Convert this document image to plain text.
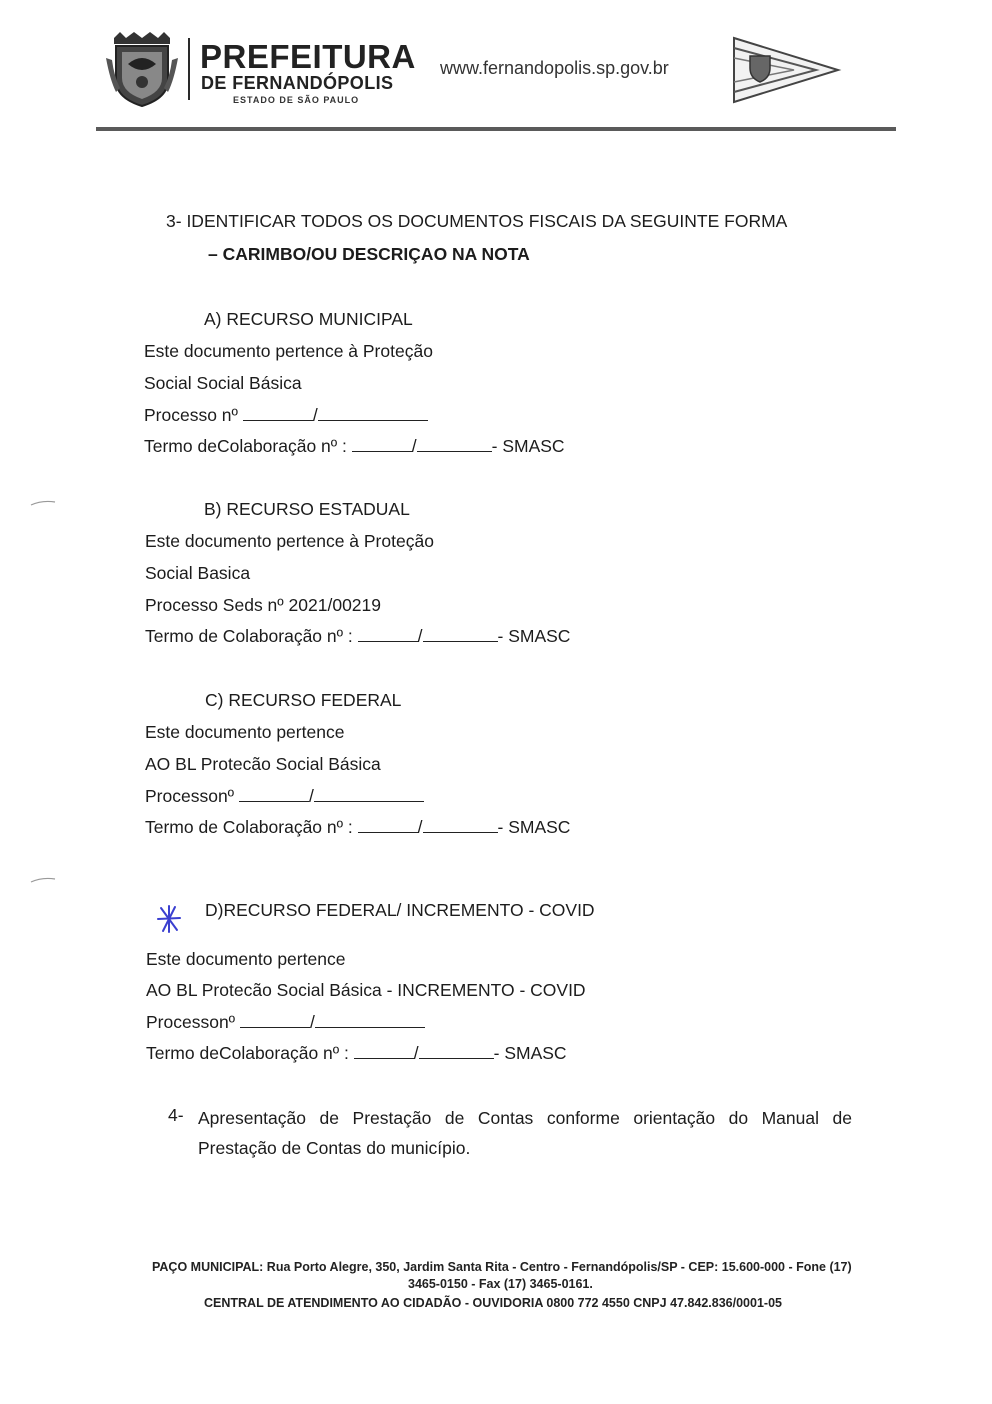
PREFEITURA
DE FERNANDÓPOLIS
ESTADO DE SÃO PAULO
www.fernandopolis.sp.gov.br
3- IDENTIFICAR TODOS OS DOCUMENTOS FISCAIS DA SEGUINTE FORMA
– CARIMBO/OU DESCRIÇAO NA NOTA
A) RECURSO MUNICIPAL
Este documento pertence à Proteção
Social Social Básica
Processo nº	/
Termo deColaboração nº :	/	- SMASC
B) RECURSO ESTADUAL
Este documento pertence à Proteção
Social Basica
Processo Seds nº 2021/00219
Termo de Colaboração nº :	/	- SMASC
C) RECURSO FEDERAL
Este documento pertence
AO BL Protecão Social Básica
Processonº	/
Termo de Colaboração nº :	/	- SMASC
D)RECURSO FEDERAL/ INCREMENTO - COVID
Este documento pertence
AO BL Protecão Social Básica - INCREMENTO - COVID
Processonº	/
Termo deColaboração nº :	/	- SMASC
4- Apresentação de Prestação de Contas conforme orientação do Manual de
Prestação de Contas do município.
PAÇO MUNICIPAL: Rua Porto Alegre, 350, Jardim Santa Rita - Centro - Fernandópolis/SP - CEP: 15.600-000 - Fone (17)
3465-0150 - Fax (17) 3465-0161.
CENTRAL DE ATENDIMENTO AO CIDADÃO - OUVIDORIA 0800 772 4550 CNPJ 47.842.836/0001-05
